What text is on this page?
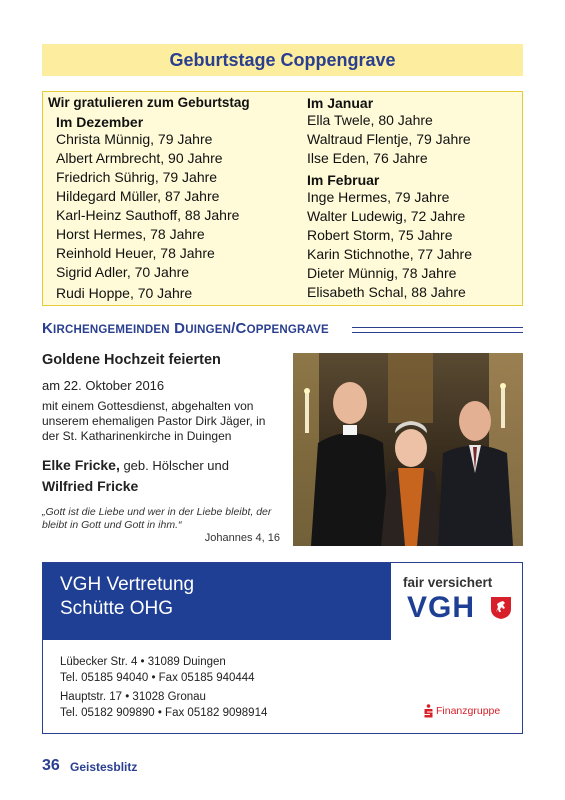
Geburtstage Coppengrave
Wir gratulieren zum Geburtstag
Im Dezember
Christa Münnig, 79 Jahre
Albert Armbrecht, 90 Jahre
Friedrich Sührig, 79 Jahre
Hildegard Müller, 87 Jahre
Karl-Heinz Sauthoff, 88 Jahre
Horst Hermes, 78 Jahre
Reinhold Heuer, 78 Jahre
Sigrid Adler, 70 Jahre
Rudi Hoppe, 70 Jahre
Im Januar
Ella Twele, 80 Jahre
Waltraud Flentje, 79 Jahre
Ilse Eden, 76 Jahre
Im Februar
Inge Hermes, 79 Jahre
Walter Ludewig, 72 Jahre
Robert Storm, 75 Jahre
Karin Stichnothe, 77 Jahre
Dieter Münnig, 78 Jahre
Elisabeth Schal, 88 Jahre
KIRCHENGEMEINDEN DUINGEN/COPPENGRAVE
Goldene Hochzeit feierten
am 22. Oktober 2016
mit einem Gottesdienst, abgehalten von unserem ehemaligen Pastor Dirk Jäger, in der St. Katharinenkirche in Duingen
Elke Fricke, geb. Hölscher und
Wilfried Fricke
„Gott ist die Liebe und wer in der Liebe bleibt, der bleibt in Gott und Gott in ihm.“
Johannes 4, 16
VGH Vertretung
Schütte OHG
fair versichert
VGH
Lübecker Str. 4 • 31089 Duingen
Tel. 05185 94040 • Fax 05185 940444
Hauptstr. 17 • 31028 Gronau
Tel. 05182 909890 • Fax 05182 9098914	Finanzgruppe
36 Geistesblitz
